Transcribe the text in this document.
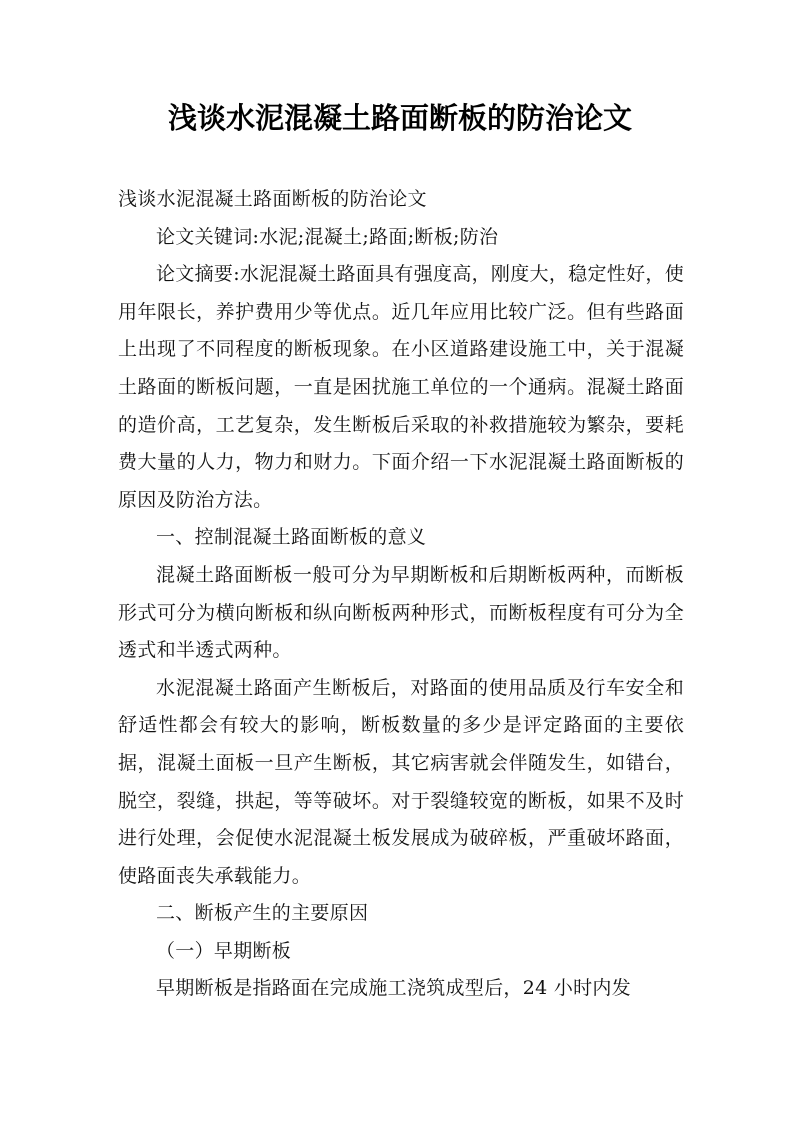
浅谈水泥混凝土路面断板的防治论文

浅谈水泥混凝土路面断板的防治论文

论文关键词:水泥;混凝土;路面;断板;防治

论文摘要:水泥混凝土路面具有强度高，刚度大，稳定性好，使用年限长，养护费用少等优点。近几年应用比较广泛。但有些路面上出现了不同程度的断板现象。在小区道路建设施工中，关于混凝土路面的断板问题，一直是困扰施工单位的一个通病。混凝土路面的造价高，工艺复杂，发生断板后采取的补救措施较为繁杂，要耗费大量的人力，物力和财力。下面介绍一下水泥混凝土路面断板的原因及防治方法。

一、控制混凝土路面断板的意义

混凝土路面断板一般可分为早期断板和后期断板两种，而断板形式可分为横向断板和纵向断板两种形式，而断板程度有可分为全透式和半透式两种。

水泥混凝土路面产生断板后，对路面的使用品质及行车安全和舒适性都会有较大的影响，断板数量的多少是评定路面的主要依据，混凝土面板一旦产生断板，其它病害就会伴随发生，如错台，脱空，裂缝，拱起，等等破坏。对于裂缝较宽的断板，如果不及时进行处理，会促使水泥混凝土板发展成为破碎板，严重破坏路面，使路面丧失承载能力。

二、断板产生的主要原因

（一）早期断板

早期断板是指路面在完成施工浇筑成型后，24 小时内发
